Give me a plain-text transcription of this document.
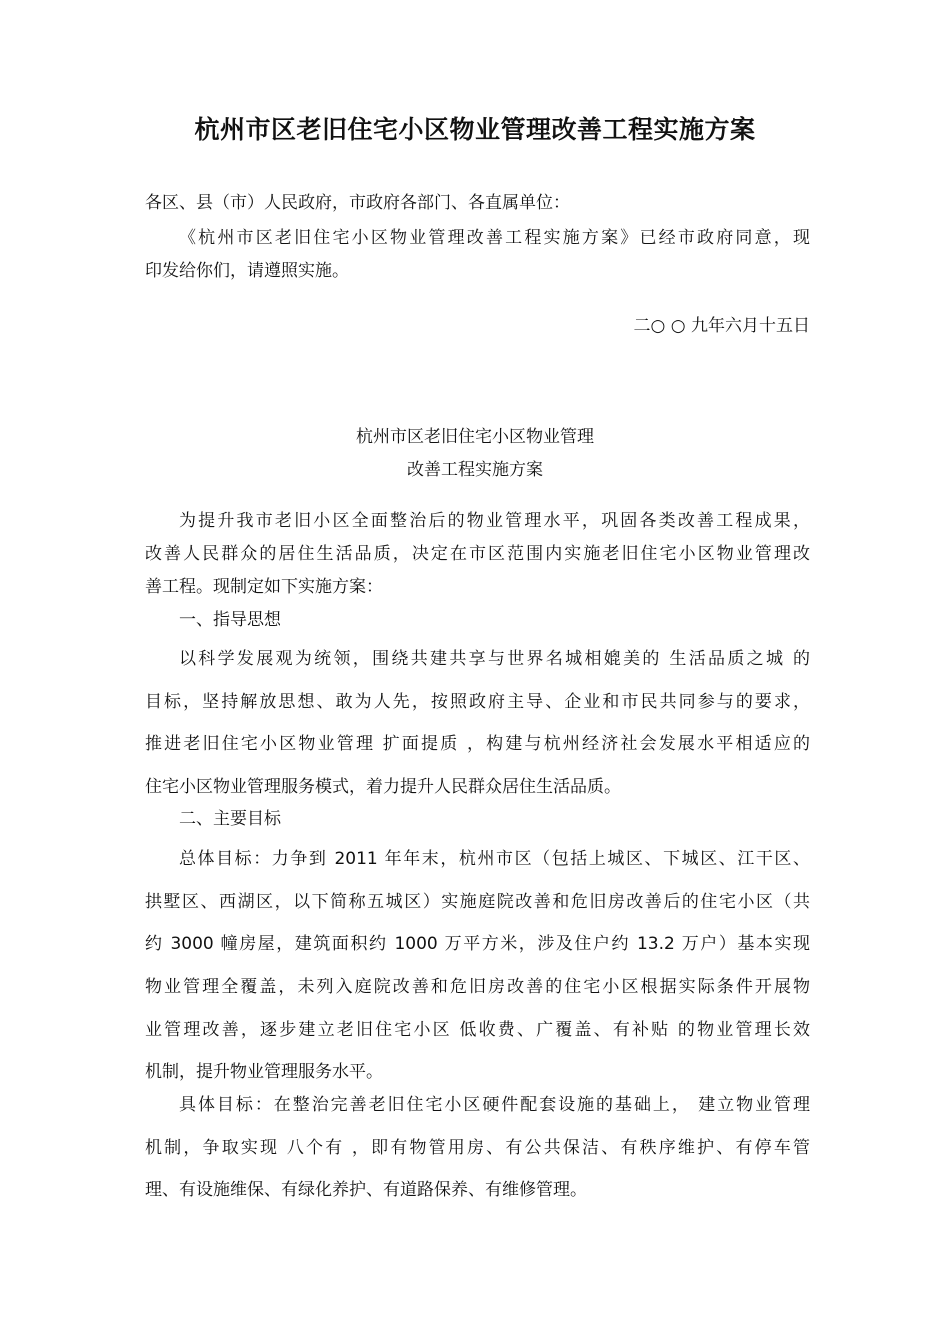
杭州市区老旧住宅小区物业管理改善工程实施方案
各区、县（市）人民政府，市政府各部门、各直属单位：
《杭州市区老旧住宅小区物业管理改善工程实施方案》已经市政府同意，现
印发给你们，请遵照实施。
二○ ○ 九年六月十五日
杭州市区老旧住宅小区物业管理
改善工程实施方案
为提升我市老旧小区全面整治后的物业管理水平，巩固各类改善工程成果，
改善人民群众的居住生活品质，决定在市区范围内实施老旧住宅小区物业管理改
善工程。现制定如下实施方案：
一、指导思想
以科学发展观为统领，围绕共建共享与世界名城相媲美的 生活品质之城 的
目标，坚持解放思想、敢为人先，按照政府主导、企业和市民共同参与的要求，
推进老旧住宅小区物业管理 扩面提质 ，构建与杭州经济社会发展水平相适应的
住宅小区物业管理服务模式，着力提升人民群众居住生活品质。
二、主要目标
总体目标：力争到 2011 年年末，杭州市区（包括上城区、下城区、江干区、
拱墅区、西湖区，以下简称五城区）实施庭院改善和危旧房改善后的住宅小区（共
约 3000 幢房屋，建筑面积约 1000 万平方米，涉及住户约 13.2 万户）基本实现
物业管理全覆盖，未列入庭院改善和危旧房改善的住宅小区根据实际条件开展物
业管理改善，逐步建立老旧住宅小区 低收费、广覆盖、有补贴 的物业管理长效
机制，提升物业管理服务水平。
具体目标：在整治完善老旧住宅小区硬件配套设施的基础上， 建立物业管理
机制，争取实现 八个有 ，即有物管用房、有公共保洁、有秩序维护、有停车管
理、有设施维保、有绿化养护、有道路保养、有维修管理。
